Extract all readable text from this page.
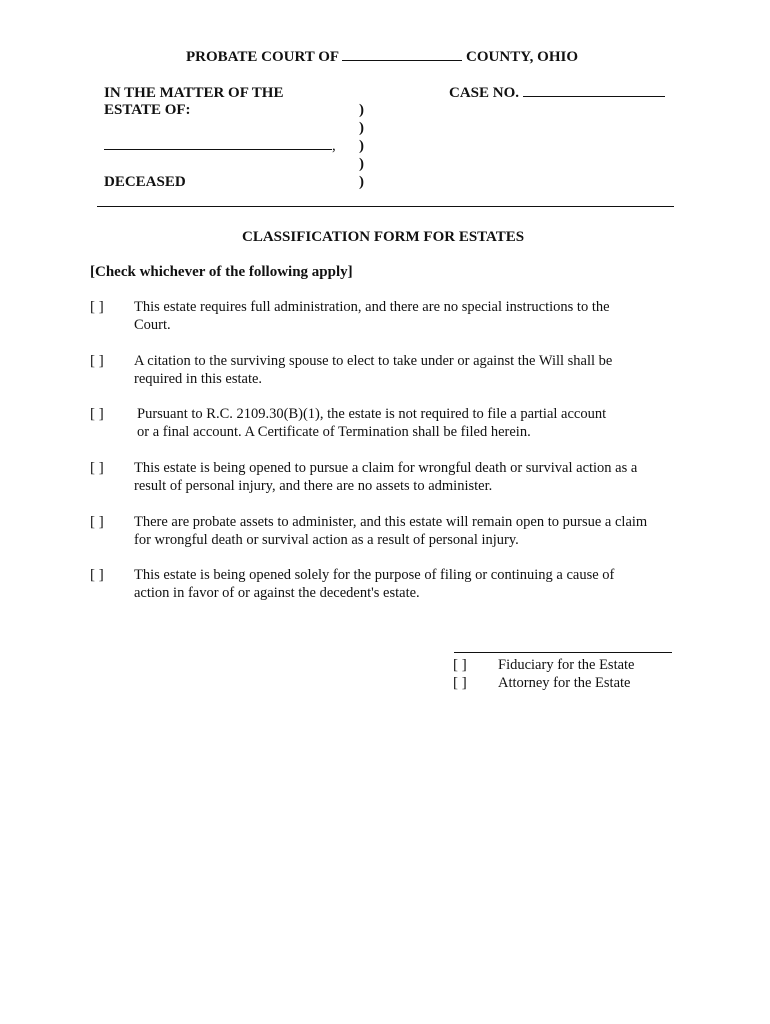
PROBATE COURT OF	COUNTY, OHIO
IN THE MATTER OF THE
ESTATE OF:
CASE NO.
,
DECEASED
)
)
)
)
)
CLASSIFICATION FORM FOR ESTATES
[Check whichever of the following apply]
[ ] This estate requires full administration, and there are no special instructions to the
Court.
[ ] A citation to the surviving spouse to elect to take under or against the Will shall be
required in this estate.
[ ] Pursuant to R.C. 2109.30(B)(1), the estate is not required to file a partial account
or a final account. A Certificate of Termination shall be filed herein.
[ ] This estate is being opened to pursue a claim for wrongful death or survival action as a
result of personal injury, and there are no assets to administer.
[ ] There are probate assets to administer, and this estate will remain open to pursue a claim
for wrongful death or survival action as a result of personal injury.
[ ] This estate is being opened solely for the purpose of filing or continuing a cause of
action in favor of or against the decedent's estate.
[ ] Fiduciary for the Estate
[ ] Attorney for the Estate
